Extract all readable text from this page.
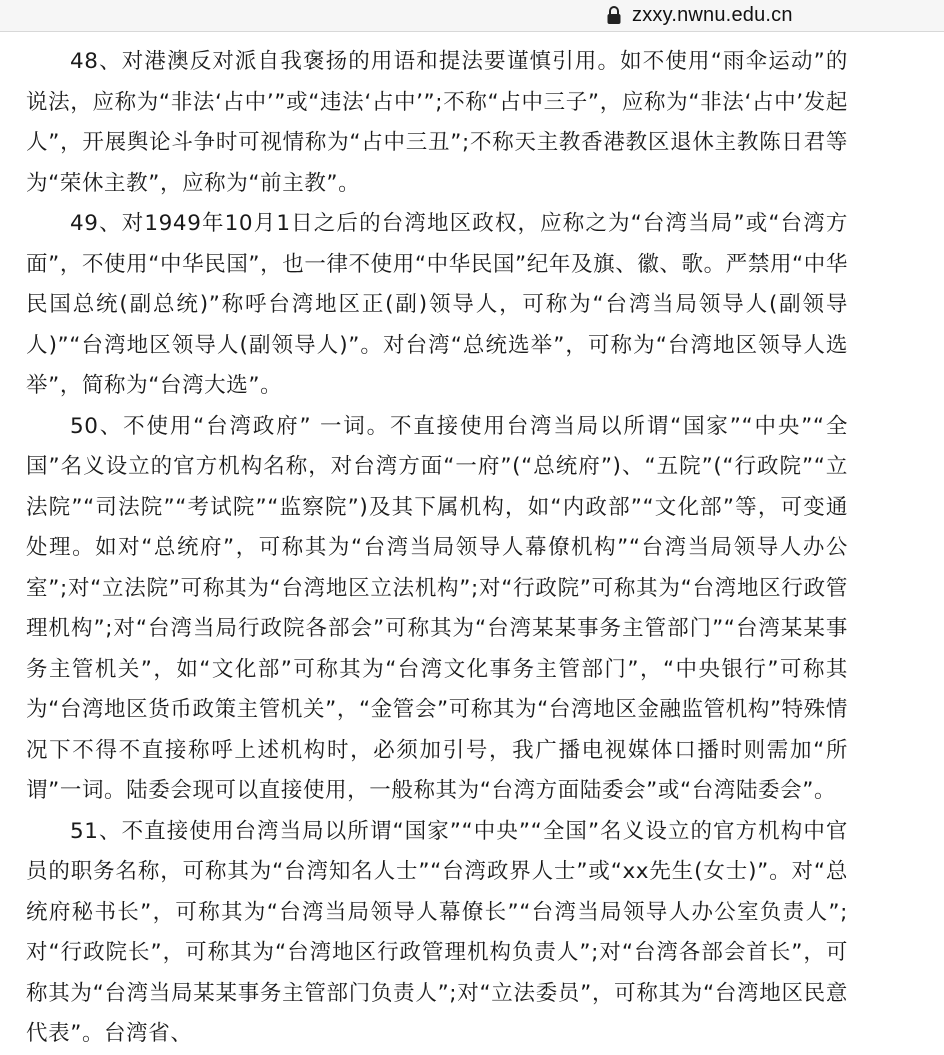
zxxy.nwnu.edu.cn

48、对港澳反对派自我褒扬的用语和提法要谨慎引用。如不使用“雨伞运动”的说法，应称为“非法‘占中’”或“违法‘占中’”;不称“占中三子”，应称为“非法‘占中’发起人”，开展舆论斗争时可视情称为“占中三丑”;不称天主教香港教区退休主教陈日君等为“荣休主教”，应称为“前主教”。

49、对1949年10月1日之后的台湾地区政权，应称之为“台湾当局”或“台湾方面”，不使用“中华民国”，也一律不使用“中华民国”纪年及旗、徽、歌。严禁用“中华民国总统(副总统)”称呼台湾地区正(副)领导人，可称为“台湾当局领导人(副领导人)”“台湾地区领导人(副领导人)”。对台湾“总统选举”，可称为“台湾地区领导人选举”，简称为“台湾大选”。

50、不使用“台湾政府” 一词。不直接使用台湾当局以所谓“国家”“中央”“全国”名义设立的官方机构名称，对台湾方面“一府”(“总统府”)、“五院”(“行政院”“立法院”“司法院”“考试院”“监察院”)及其下属机构，如“内政部”“文化部”等，可变通处理。如对“总统府”，可称其为“台湾当局领导人幕僚机构”“台湾当局领导人办公室”;对“立法院”可称其为“台湾地区立法机构”;对“行政院”可称其为“台湾地区行政管理机构”;对“台湾当局行政院各部会”可称其为“台湾某某事务主管部门”“台湾某某事务主管机关”，如“文化部”可称其为“台湾文化事务主管部门”，“中央银行”可称其为“台湾地区货币政策主管机关”，“金管会”可称其为“台湾地区金融监管机构”特殊情况下不得不直接称呼上述机构时，必须加引号，我广播电视媒体口播时则需加“所谓”一词。陆委会现可以直接使用，一般称其为“台湾方面陆委会”或“台湾陆委会”。

51、不直接使用台湾当局以所谓“国家”“中央”“全国”名义设立的官方机构中官员的职务名称，可称其为“台湾知名人士”“台湾政界人士”或“xx先生(女士)”。对“总统府秘书长”，可称其为“台湾当局领导人幕僚长”“台湾当局领导人办公室负责人”;对“行政院长”，可称其为“台湾地区行政管理机构负责人”;对“台湾各部会首长”，可称其为“台湾当局某某事务主管部门负责人”;对“立法委员”，可称其为“台湾地区民意代表”。台湾省、
